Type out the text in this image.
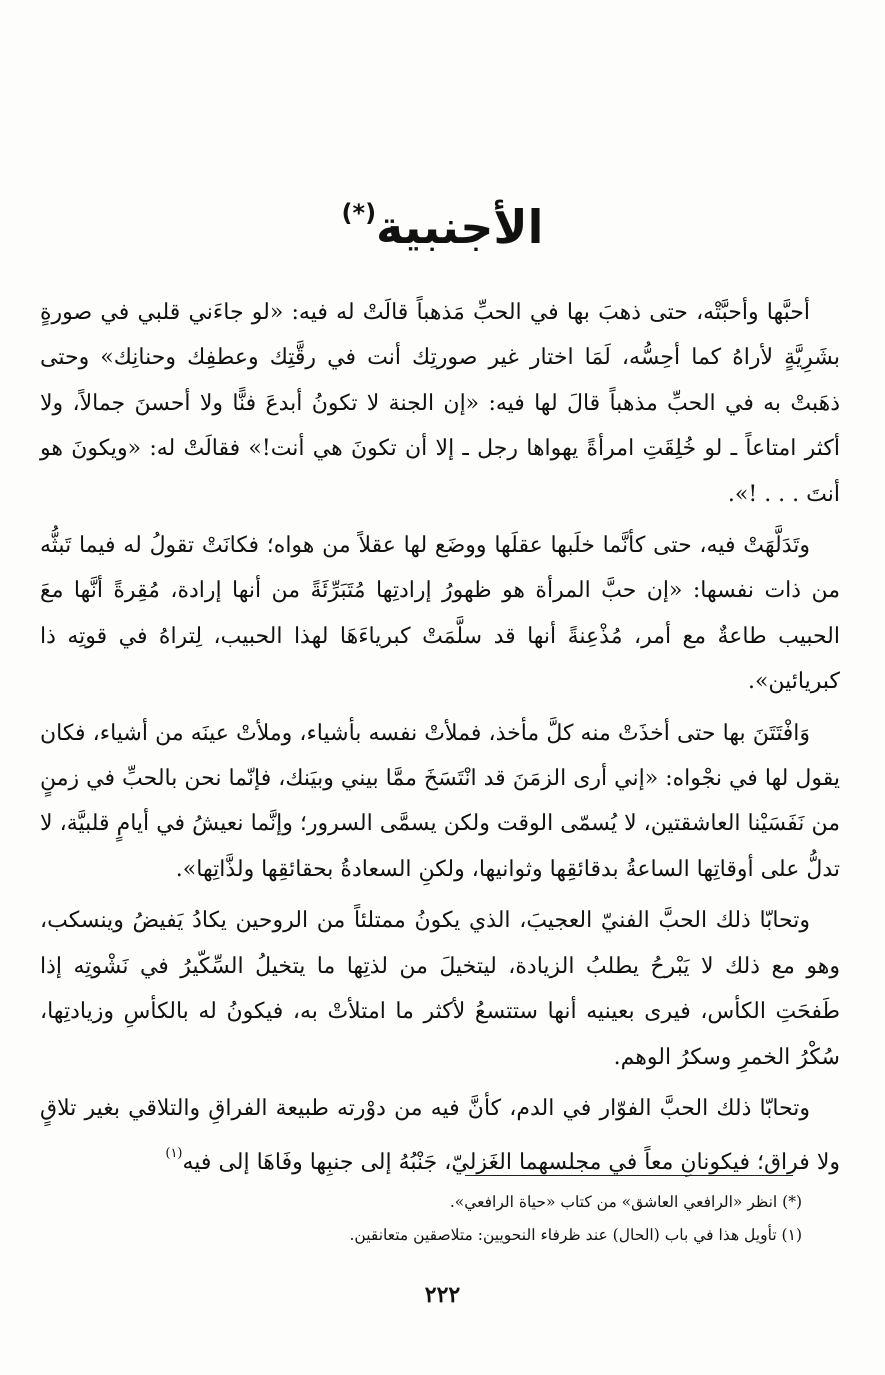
الأجنبية(*)

أحبَّها وأحبَّتْه، حتى ذهبَ بها في الحبِّ مَذهباً قالَتْ له فيه: «لو جاءَني قلبي في صورةٍ بشَرِيَّةٍ لأراهُ كما أحِسُّه، لَمَا اختار غير صورتِك أنت في رقَّتِك وعطفِك وحنانِك» وحتى ذهَبتْ به في الحبِّ مذهباً قالَ لها فيه: «إن الجنة لا تكونُ أبدعَ فنًّا ولا أحسنَ جمالاً، ولا أكثر امتاعاً ـ لو خُلِقَتِ امرأةً يهواها رجل ـ إلا أن تكونَ هي أنت!» فقالَتْ له: «ويكونَ هو أنتَ . . . !».

وتَدَلَّهَتْ فيه، حتى كأنَّما خلَبها عقلَها ووضَع لها عقلاً من هواه؛ فكانَتْ تقولُ له فيما تَبثُّه من ذات نفسها: «إن حبَّ المرأة هو ظهورُ إرادتِها مُتَبَرِّئَةً من أنها إرادة، مُقِرةً أنَّها معَ الحبيب طاعةٌ مع أمر، مُذْعِنةً أنها قد سلَّمَتْ كبرياءَهَا لهذا الحبيب، لِتراهُ في قوتِه ذا كبريائين».

وَافْتَتَنَ بها حتى أخذَتْ منه كلَّ مأخذ، فملأتْ نفسه بأشياء، وملأتْ عينَه من أشياء، فكان يقول لها في نجْواه: «إني أرى الزمَنَ قد انْتَسَخَ ممَّا بيني وبيَنك، فإنّما نحن بالحبِّ في زمنٍ من نَفَسَيْنا العاشقتين، لا يُسمّى الوقت ولكن يسمَّى السرور؛ وإنَّما نعيشُ في أيامٍ قلبيَّة، لا تدلُّ على أوقاتِها الساعةُ بدقائقِها وثوانيها، ولكنِ السعادةُ بحقائقِها ولذَّاتِها».

وتحابّا ذلك الحبَّ الفنيّ العجيبَ، الذي يكونُ ممتلئاً من الروحين يكادُ يَفيضُ وينسكب، وهو مع ذلك لا يَبْرحُ يطلبُ الزيادة، ليتخيلَ من لذتِها ما يتخيلُ السِّكّيرُ في نَشْوتِه إذا طَفحَتِ الكأس، فيرى بعينيه أنها ستتسعُ لأكثر ما امتلأتْ به، فيكونُ له بالكأسِ وزيادتِها، سُكْرُ الخمرِ وسكرُ الوهم.

وتحابّا ذلك الحبَّ الفوّار في الدم، كأنَّ فيه من دوْرته طبيعة الفراقِ والتلاقي بغير تلاقٍ ولا فراق؛ فيكونانِ معاً في مجلسهما الغَزليّ، جَنْبُهُ إلى جنبِها وفَاهَا إلى فيه$^{(١)}$

(*) انظر «الرافعي العاشق» من كتاب «حياة الرافعي».

(١) تأويل هذا في باب (الحال) عند ظرفاء النحويين: متلاصقين متعانقين.

٢٢٢
